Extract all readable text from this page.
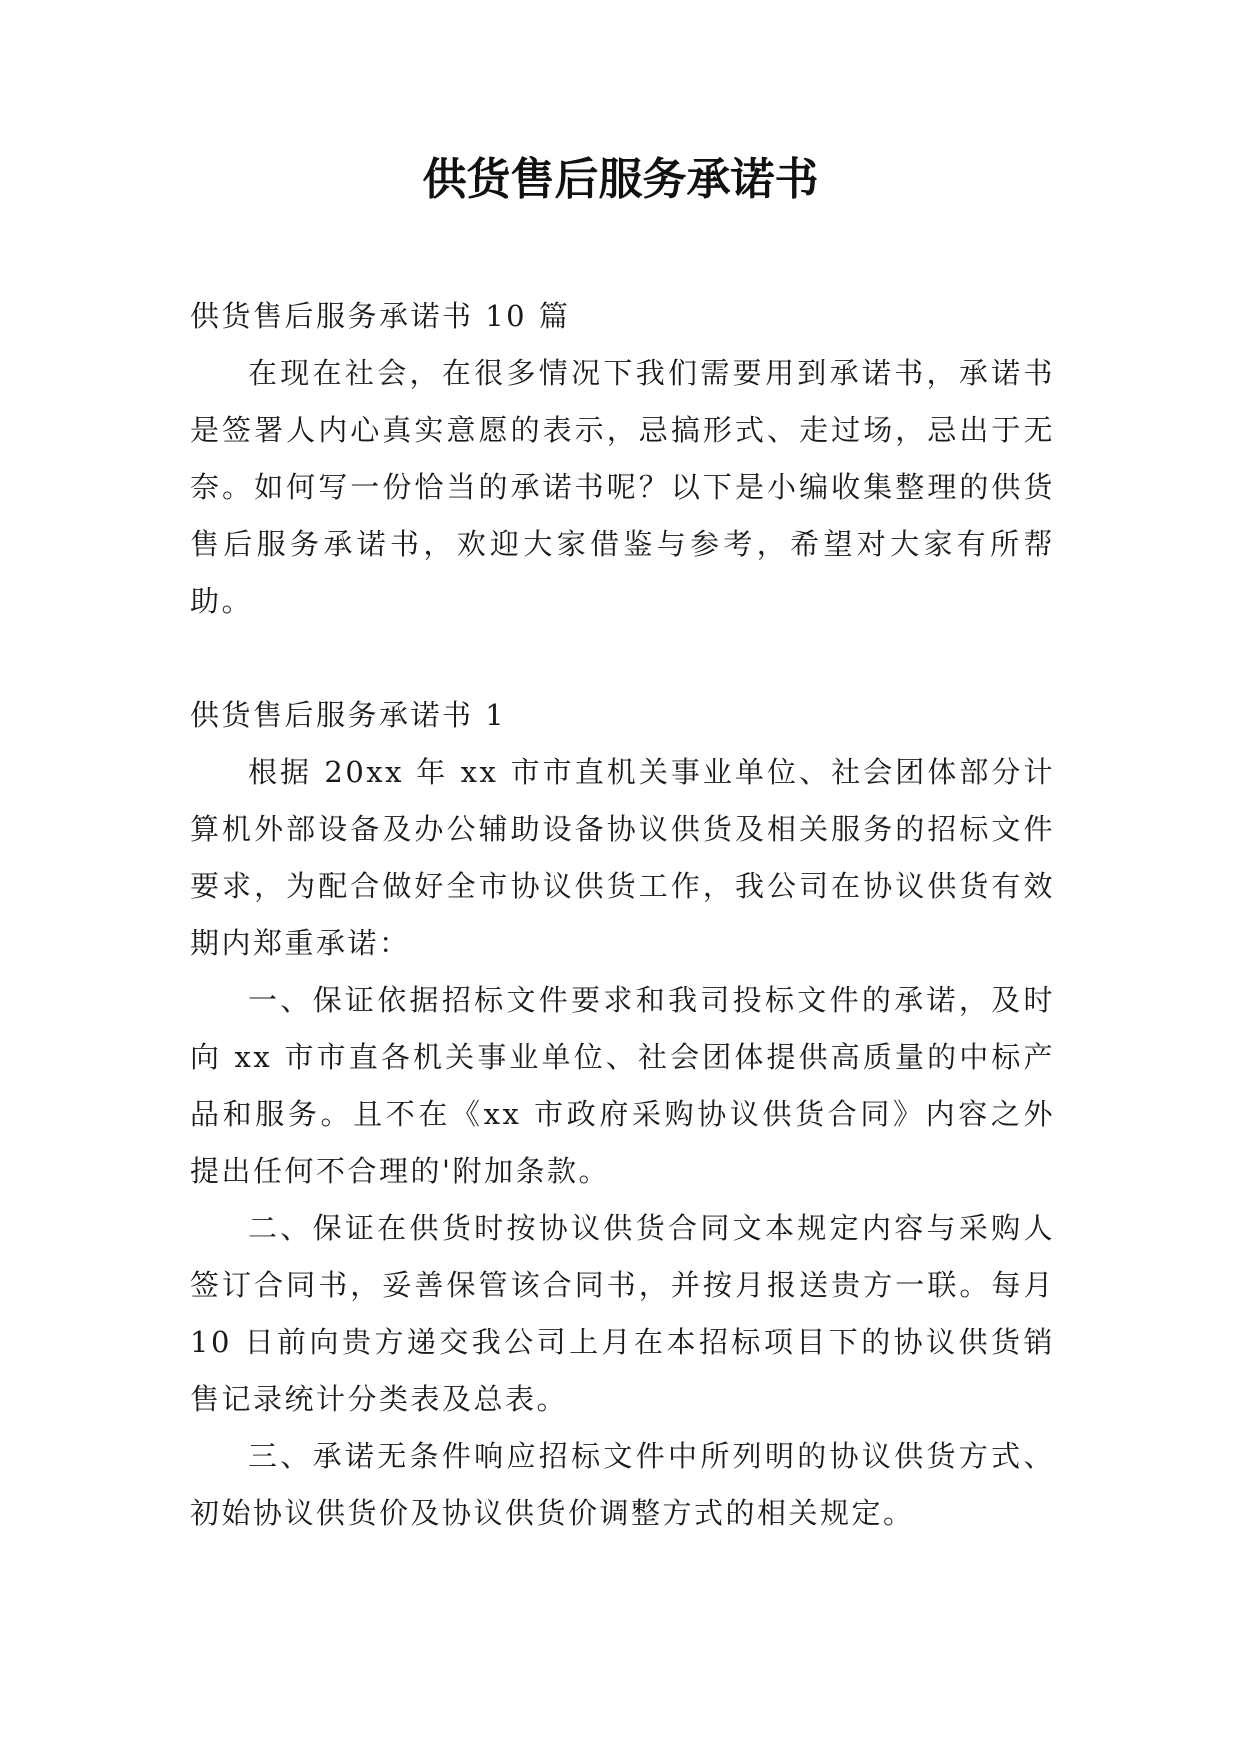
供货售后服务承诺书

供货售后服务承诺书 10 篇

在现在社会，在很多情况下我们需要用到承诺书，承诺书是签署人内心真实意愿的表示，忌搞形式、走过场，忌出于无奈。如何写一份恰当的承诺书呢？以下是小编收集整理的供货售后服务承诺书，欢迎大家借鉴与参考，希望对大家有所帮助。

供货售后服务承诺书 1

根据 20xx 年 xx 市市直机关事业单位、社会团体部分计算机外部设备及办公辅助设备协议供货及相关服务的招标文件要求，为配合做好全市协议供货工作，我公司在协议供货有效期内郑重承诺：

一、保证依据招标文件要求和我司投标文件的承诺，及时向 xx 市市直各机关事业单位、社会团体提供高质量的中标产品和服务。且不在《xx 市政府采购协议供货合同》内容之外提出任何不合理的'附加条款。

二、保证在供货时按协议供货合同文本规定内容与采购人签订合同书，妥善保管该合同书，并按月报送贵方一联。每月 10 日前向贵方递交我公司上月在本招标项目下的协议供货销售记录统计分类表及总表。

三、承诺无条件响应招标文件中所列明的协议供货方式、初始协议供货价及协议供货价调整方式的相关规定。
